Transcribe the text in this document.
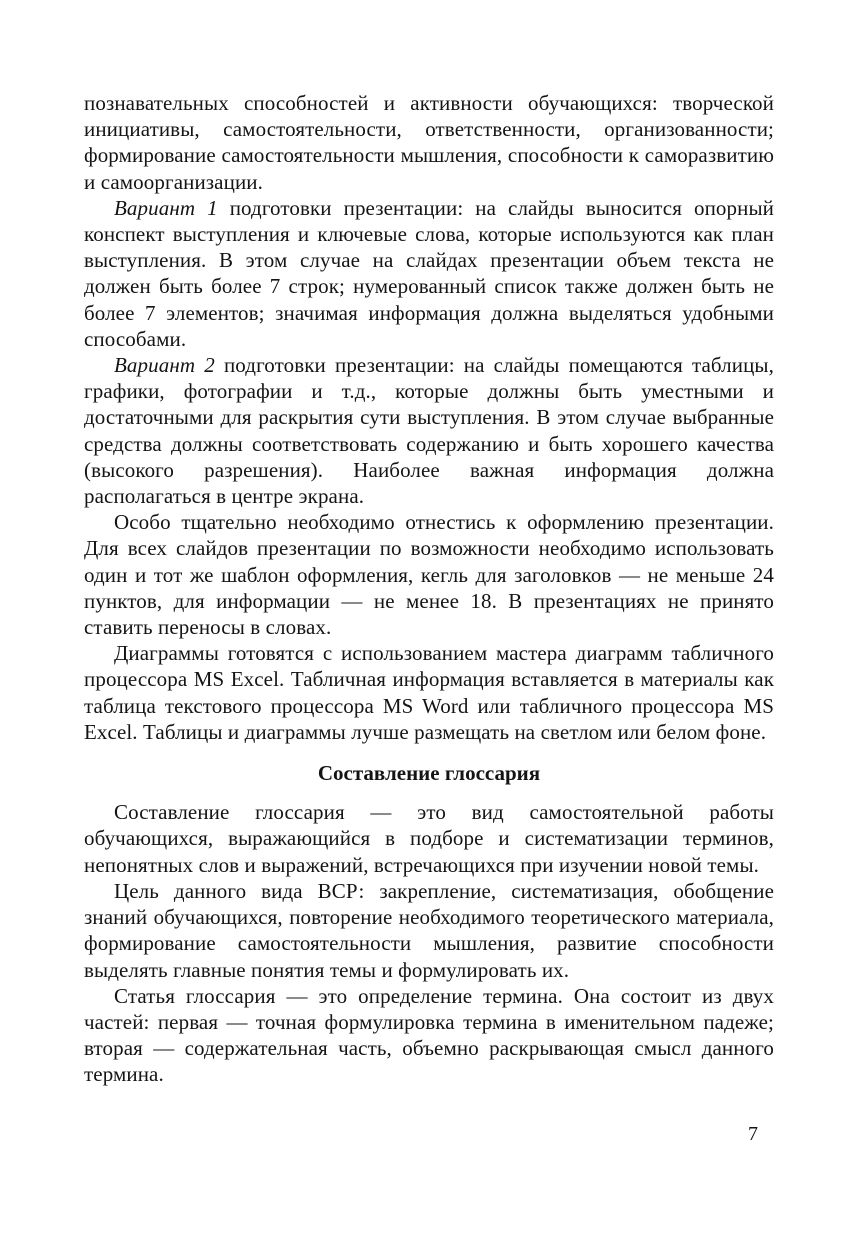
познавательных способностей и активности обучающихся: творческой инициативы, самостоятельности, ответственности, организованности; формирование самостоятельности мышления, способности к саморазвитию и самоорганизации.

Вариант 1 подготовки презентации: на слайды выносится опорный конспект выступления и ключевые слова, которые используются как план выступления. В этом случае на слайдах презентации объем текста не должен быть более 7 строк; нумерованный список также должен быть не более 7 элементов; значимая информация должна выделяться удобными способами.

Вариант 2 подготовки презентации: на слайды помещаются таблицы, графики, фотографии и т.д., которые должны быть уместными и достаточными для раскрытия сути выступления. В этом случае выбранные средства должны соответствовать содержанию и быть хорошего качества (высокого разрешения). Наиболее важная информация должна располагаться в центре экрана.

Особо тщательно необходимо отнестись к оформлению презентации. Для всех слайдов презентации по возможности необходимо использовать один и тот же шаблон оформления, кегль для заголовков — не меньше 24 пунктов, для информации — не менее 18. В презентациях не принято ставить переносы в словах.

Диаграммы готовятся с использованием мастера диаграмм табличного процессора MS Excel. Табличная информация вставляется в материалы как таблица текстового процессора MS Word или табличного процессора MS Excel. Таблицы и диаграммы лучше размещать на светлом или белом фоне.

Составление глоссария

Составление глоссария — это вид самостоятельной работы обучающихся, выражающийся в подборе и систематизации терминов, непонятных слов и выражений, встречающихся при изучении новой темы.

Цель данного вида ВСР: закрепление, систематизация, обобщение знаний обучающихся, повторение необходимого теоретического материала, формирование самостоятельности мышления, развитие способности выделять главные понятия темы и формулировать их.

Статья глоссария — это определение термина. Она состоит из двух частей: первая — точная формулировка термина в именительном падеже; вторая — содержательная часть, объемно раскрывающая смысл данного термина.

7
